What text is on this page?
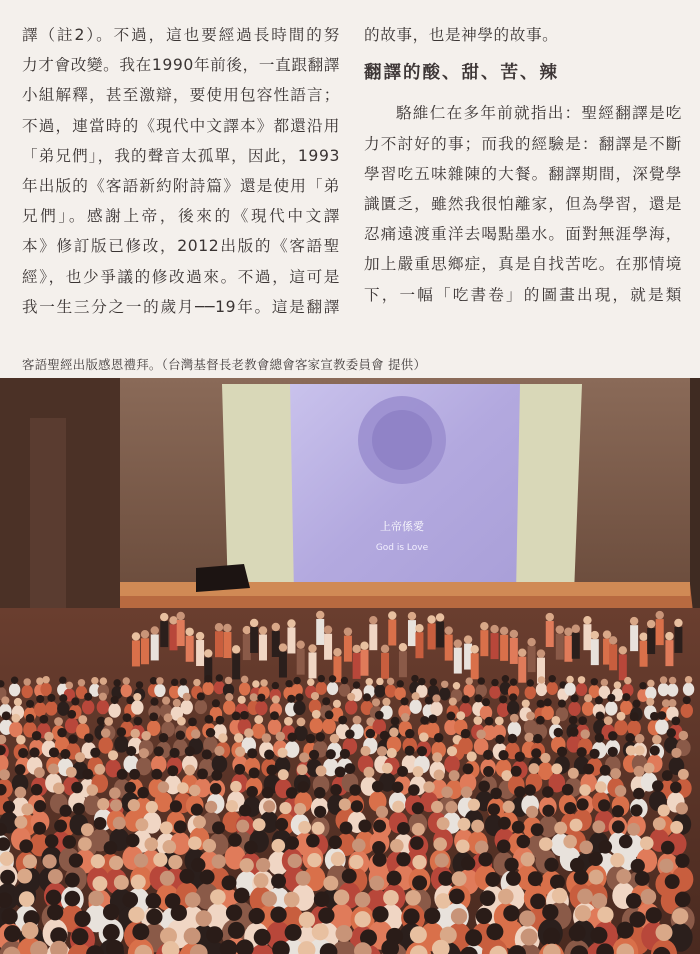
譯（註2）。不過，這也要經過長時間的努
力才會改變。我在1990年前後，一直跟翻譯
小組解釋，甚至激辯，要使用包容性語言；
不過，連當時的《現代中文譯本》都還沿用
「弟兄們」，我的聲音太孤單，因此，1993
年出版的《客語新約附詩篇》還是使用「弟
兄們」。感謝上帝，後來的《現代中文譯
本》修訂版已修改，2012出版的《客語聖
經》，也少爭議的修改過來。不過，這可是
我一生三分之一的歲月──19年。這是翻譯
的故事，也是神學的故事。
翻譯的酸、甜、苦、辣
駱維仁在多年前就指出：聖經翻譯是吃
力不討好的事；而我的經驗是：翻譯是不斷
學習吃五味雜陳的大餐。翻譯期間，深覺學
識匱乏，雖然我很怕離家，但為學習，還是
忍痛遠渡重洋去喝點墨水。面對無涯學海，
加上嚴重思鄉症，真是自找苦吃。在那情境
下，一幅「吃書卷」的圖畫出現，就是類
客語聖經出版感恩禮拜。（台灣基督長老教會總會客家宣教委員會 提供）
上帝係愛
God is Love
